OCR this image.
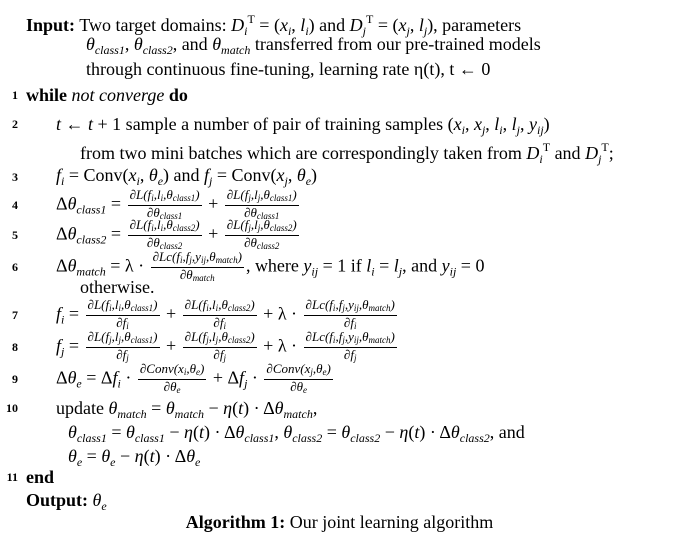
Input: Two target domains: $D_i^T = (x_i$, $l_i$) and $D_j^T = (x_j$, $l_j$), parameters
$\theta_{class1}$, $\theta_{class2}$, and $\theta_{match}$ transferred from our pre-trained models
through continuous fine-tuning, learning rate η(t), t ← 0
1 while not converge do
2 t ← t + 1 sample a number of pair of training samples ($x_i$, $x_j$, $l_i$, $l_j$, $y_{ij}$)
from two mini batches which are correspondingly taken from $D_i^T$ and $D_j^T$;
3 $f_i$ = $Conv(x_i$, $\theta_e$) and $f_j$ = $Conv(x_j$, $\theta_e$)
4 $\Delta\theta_{class1} = \frac{\partial L(f_i,l_i,\theta_{class1})}{\partial\theta_{class1}} + \frac{\partial L(f_j,l_j,\theta_{class1})}{\partial\theta_{class1}}$
5 $\Delta\theta_{class2} = \frac{\partial L(f_i,l_i,\theta_{class2})}{\partial\theta_{class2}} + \frac{\partial L(f_j,l_j,\theta_{class2})}{\partial\theta_{class2}}$
6 $\Delta\theta_{match} = \lambda \cdot \frac{\partial Lc(f_i,f_j,y_{ij},\theta_{match})}{\partial\theta_{match}}$ , where $y_{ij} = 1$ if $l_i = l_j$, and $y_{ij} = 0$
otherwise.
7 $f_i = \frac{\partial L(f_i,l_i,\theta_{class1})}{\partial f_i} + \frac{\partial L(f_i,l_i,\theta_{class2})}{\partial f_i} + \lambda \cdot \frac{\partial Lc(f_i,f_j,y_{ij},\theta_{match})}{\partial f_i}$
8 $f_j = \frac{\partial L(f_j,l_j,\theta_{class1})}{\partial f_j} + \frac{\partial L(f_j,l_j,\theta_{class2})}{\partial f_j} + \lambda \cdot \frac{\partial Lc(f_i,f_j,y_{ij},\theta_{match})}{\partial f_j}$
9 $\Delta\theta_e = \Delta f_i \cdot \frac{\partial Conv(x_i,\theta_e)}{\partial\theta_e} + \Delta f_j \cdot \frac{\partial Conv(x_j,\theta_e)}{\partial\theta_e}$
10 update $\theta_{match} = \theta_{match} - \eta(t) \cdot \Delta\theta_{match}$,
$\theta_{class1} = \theta_{class1} - \eta(t) \cdot \Delta\theta_{class1}$, $\theta_{class2} = \theta_{class2} - \eta(t) \cdot \Delta\theta_{class2}$, and
$\theta_e = \theta_e - \eta(t) \cdot \Delta\theta_e$
11 end
Output: $\theta_e$
Algorithm 1: Our joint learning algorithm
